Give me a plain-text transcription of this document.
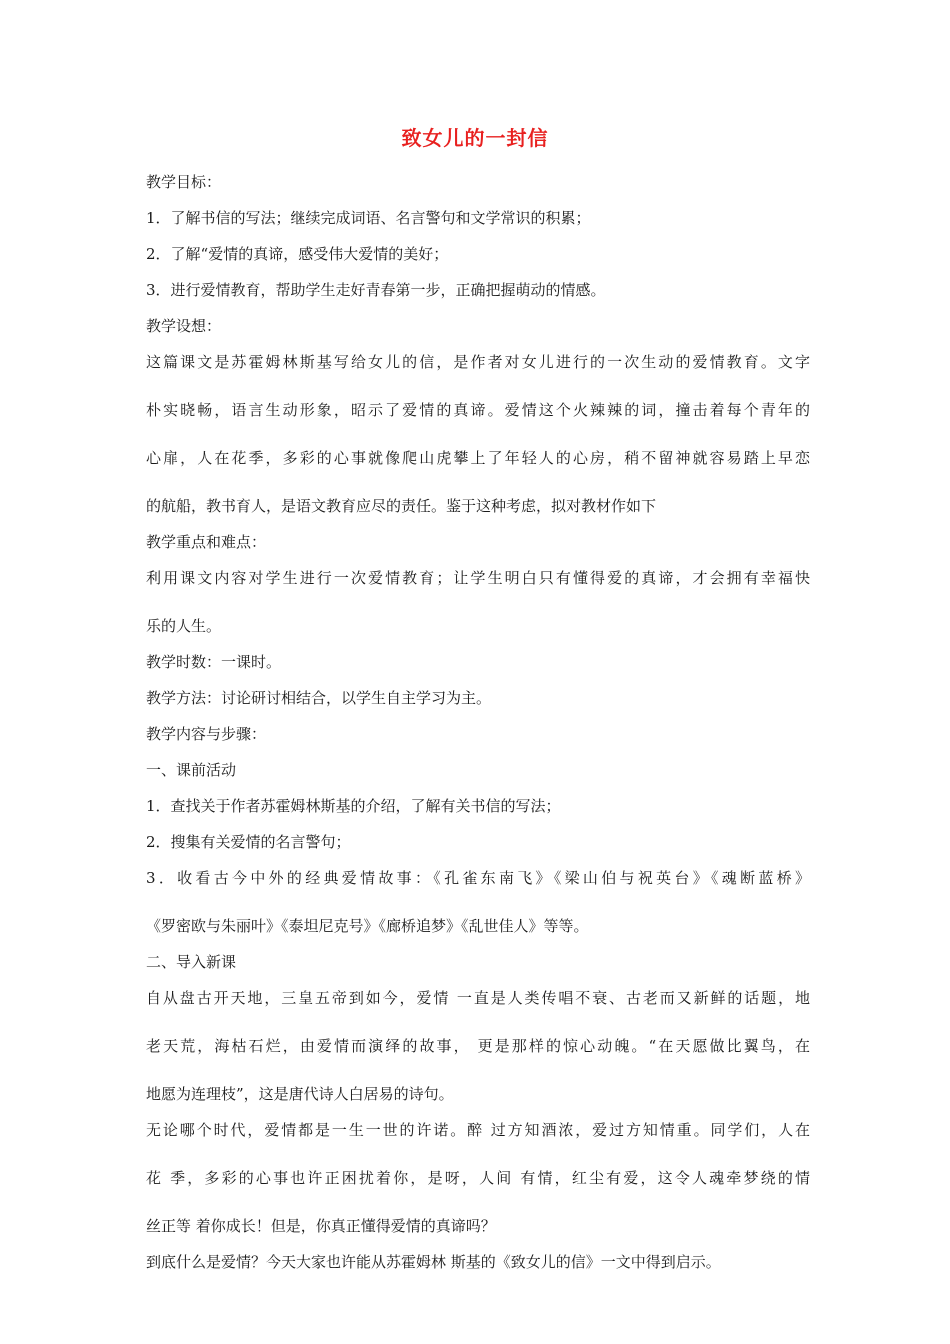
致女儿的一封信
教学目标：
1．了解书信的写法；继续完成词语、名言警句和文学常识的积累；
2．了解“爱情的真谛，感受伟大爱情的美好；
3．进行爱情教育，帮助学生走好青春第一步，正确把握萌动的情感。
教学设想：
这篇课文是苏霍姆林斯基写给女儿的信，是作者对女儿进行的一次生动的爱情教育。文字
朴实晓畅，语言生动形象，昭示了爱情的真谛。爱情这个火辣辣的词，撞击着每个青年的
心扉，人在花季，多彩的心事就像爬山虎攀上了年轻人的心房，稍不留神就容易踏上早恋
的航船，教书育人，是语文教育应尽的责任。鉴于这种考虑，拟对教材作如下
教学重点和难点：
利用课文内容对学生进行一次爱情教育；让学生明白只有懂得爱的真谛，才会拥有幸福快
乐的人生。
教学时数：一课时。
教学方法：讨论研讨相结合，以学生自主学习为主。
教学内容与步骤：
一、课前活动
1．查找关于作者苏霍姆林斯基的介绍，了解有关书信的写法；
2．搜集有关爱情的名言警句；
3．收看古今中外的经典爱情故事：《孔雀东南飞》《梁山伯与祝英台》《魂断蓝桥》
《罗密欧与朱丽叶》《泰坦尼克号》《廊桥追梦》《乱世佳人》等等。
二、导入新课
自从盘古开天地，三皇五帝到如今，爱情 一直是人类传唱不衰、古老而又新鲜的话题，地
老天荒，海枯石烂，由爱情而演绎的故事， 更是那样的惊心动魄。“在天愿做比翼鸟，在
地愿为连理枝”，这是唐代诗人白居易的诗句。
无论哪个时代，爱情都是一生一世的许诺。醉 过方知酒浓，爱过方知情重。同学们，人在
花 季，多彩的心事也许正困扰着你，是呀，人间 有情，红尘有爱，这令人魂牵梦绕的情
丝正等 着你成长！但是，你真正懂得爱情的真谛吗？
到底什么是爱情？今天大家也许能从苏霍姆林 斯基的《致女儿的信》一文中得到启示。
